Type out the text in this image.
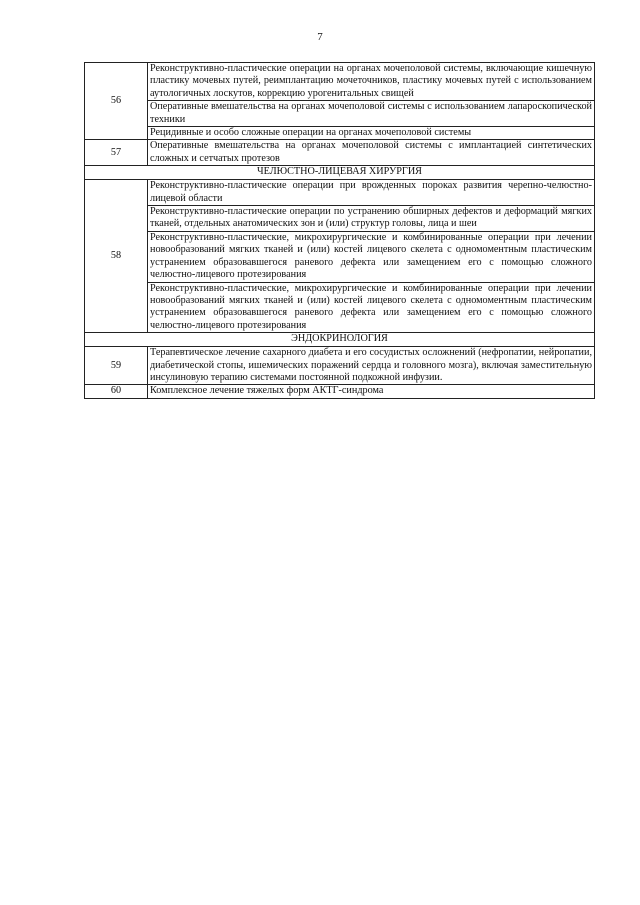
7
56	Реконструктивно-пластические операции на органах мочеполовой системы, включающие кишечную пластику мочевых путей, реимплантацию мочеточников, пластику мочевых путей с использованием аутологичных лоскутов, коррекцию урогенитальных свищей
	Оперативные вмешательства на органах мочеполовой системы с использованием лапароскопической техники
	Рецидивные и особо сложные операции на органах мочеполовой системы
57	Оперативные вмешательства на органах мочеполовой системы с имплантацией синтетических сложных и сетчатых протезов
ЧЕЛЮСТНО-ЛИЦЕВАЯ ХИРУРГИЯ	
58	Реконструктивно-пластические операции при врожденных пороках развития черепно-челюстно-лицевой области
	Реконструктивно-пластические операции по устранению обширных дефектов и деформаций мягких тканей, отдельных анатомических зон и (или) структур головы, лица и шеи
	Реконструктивно-пластические, микрохирургические и комбинированные операции при лечении новообразований мягких тканей и (или) костей лицевого скелета с одномоментным пластическим устранением образовавшегося раневого дефекта или замещением его с помощью сложного челюстно-лицевого протезирования
	Реконструктивно-пластические, микрохирургические и комбинированные операции при лечении новообразований мягких тканей и (или) костей лицевого скелета с одномоментным пластическим устранением образовавшегося раневого дефекта или замещением его с помощью сложного челюстно-лицевого протезирования
ЭНДОКРИНОЛОГИЯ	
59	Терапевтическое лечение сахарного диабета и его сосудистых осложнений (нефропатии, нейропатии, диабетической стопы, ишемических поражений сердца и головного мозга), включая заместительную инсулиновую терапию системами постоянной подкожной инфузии.
60	Комплексное лечение тяжелых форм АКТГ-синдрома
